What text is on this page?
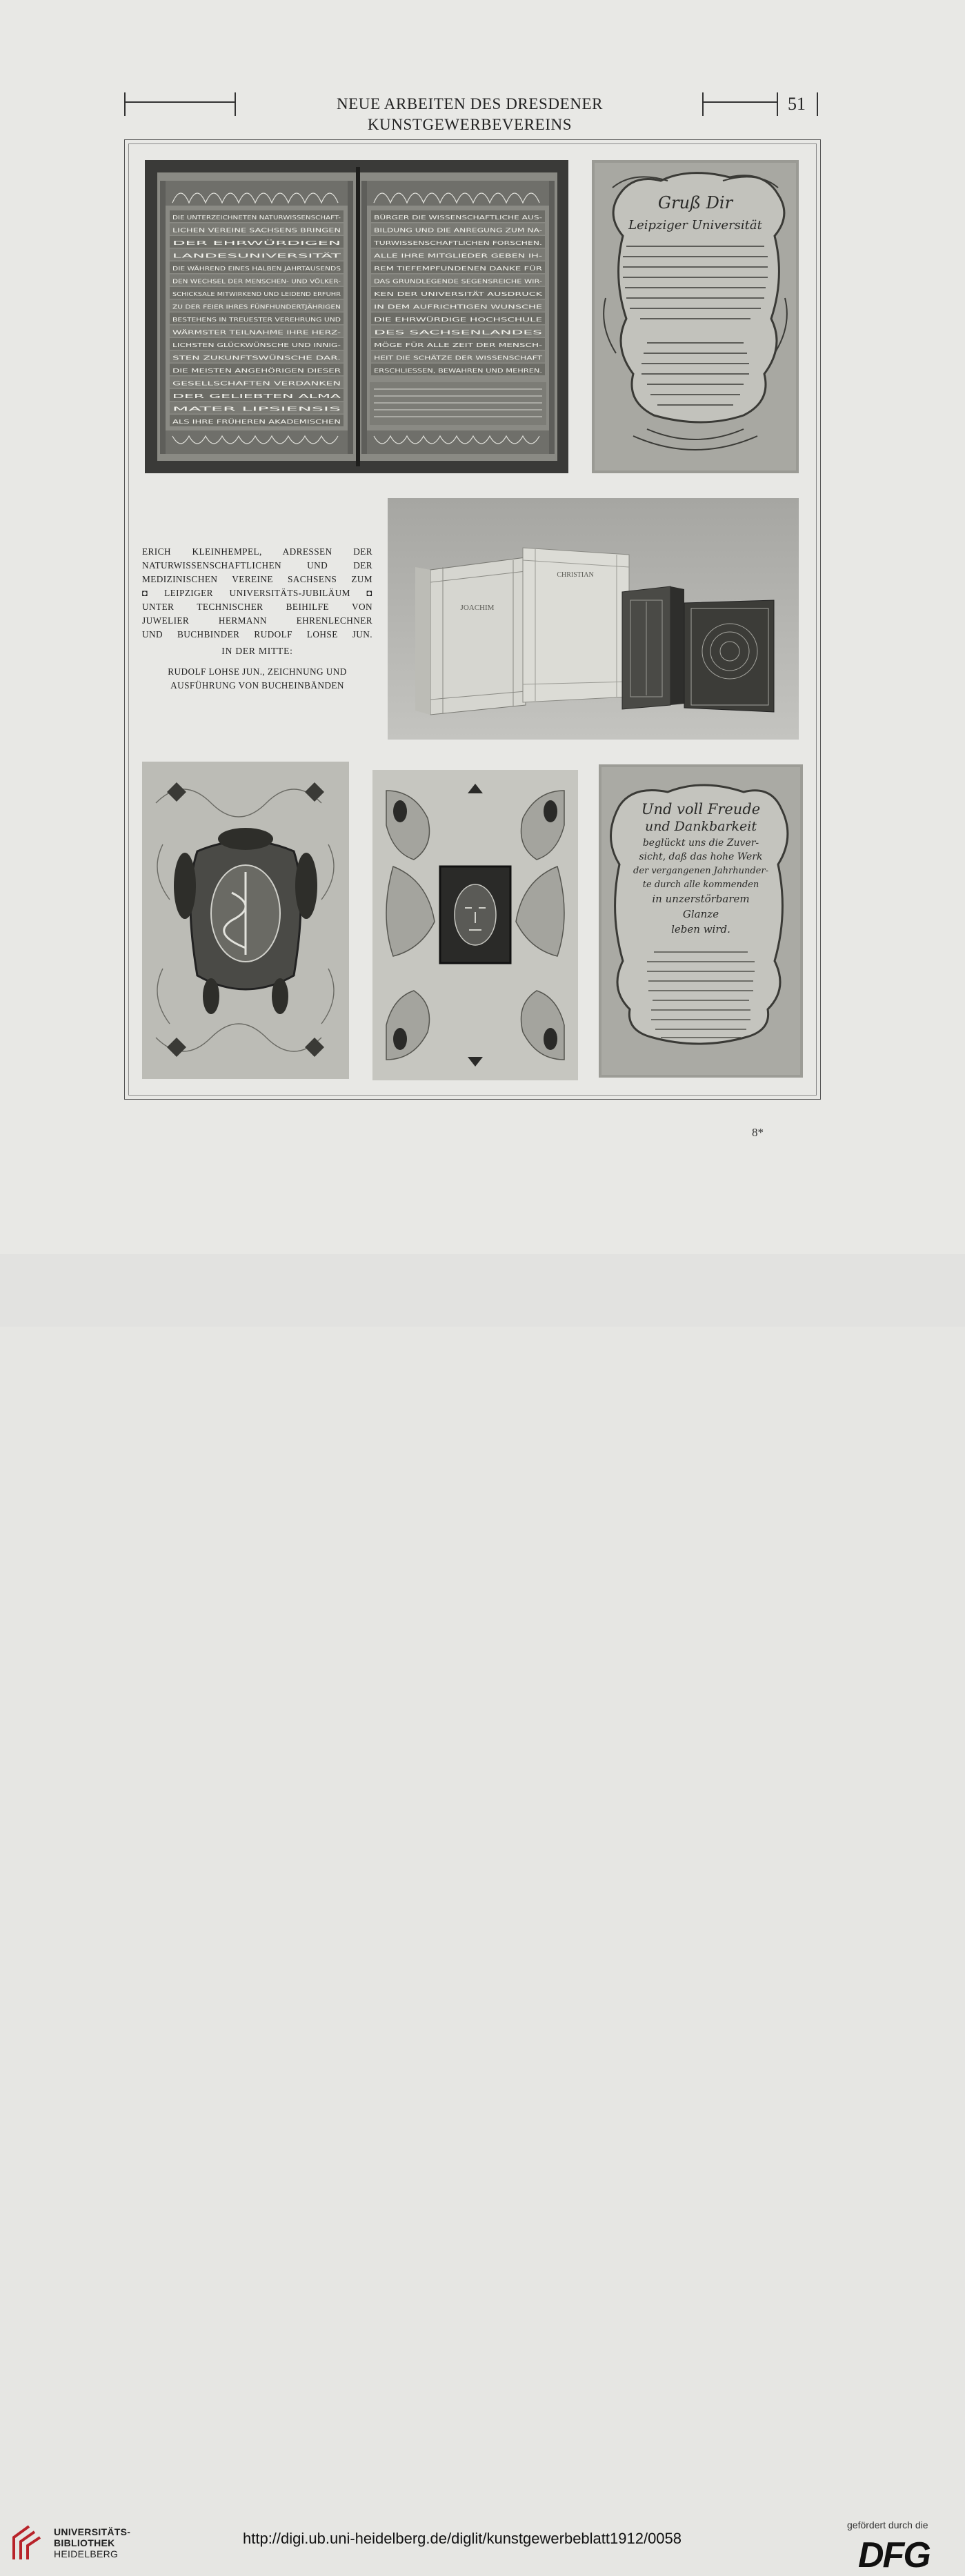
NEUE ARBEITEN DES DRESDENER KUNSTGEWERBEVEREINS
51
DIE UNTERZEICHNETEN NATURWISSENSCHAFT-
LICHEN VEREINE SACHSENS BRINGEN
DER EHRWÜRDIGEN
LANDESUNIVERSITÄT
DIE WÄHREND EINES HALBEN JAHRTAUSENDS
DEN WECHSEL DER MENSCHEN- UND VÖLKER-
SCHICKSALE MITWIRKEND UND LEIDEND ERFUHR
ZU DER FEIER IHRES FÜNFHUNDERTJÄHRIGEN
BESTEHENS IN TREUESTER VEREHRUNG UND
WÄRMSTER TEILNAHME IHRE HERZ-
LICHSTEN GLÜCKWÜNSCHE UND INNIG-
STEN ZUKUNFTSWÜNSCHE DAR.
DIE MEISTEN ANGEHÖRIGEN DIESER
GESELLSCHAFTEN VERDANKEN
DER GELIEBTEN ALMA
MATER LIPSIENSIS
ALS IHRE FRÜHEREN AKADEMISCHEN
BÜRGER DIE WISSENSCHAFTLICHE AUS-
BILDUNG UND DIE ANREGUNG ZUM NA-
TURWISSENSCHAFTLICHEN FORSCHEN.
ALLE IHRE MITGLIEDER GEBEN IH-
REM TIEFEMPFUNDENEN DANKE FÜR
DAS GRUNDLEGENDE SEGENSREICHE WIR-
KEN DER UNIVERSITÄT AUSDRUCK
IN DEM AUFRICHTIGEN WUNSCHE
DIE EHRWÜRDIGE HOCHSCHULE
DES SACHSENLANDES
MÖGE FÜR ALLE ZEIT DER MENSCH-
HEIT DIE SCHÄTZE DER WISSENSCHAFT
ERSCHLIESSEN, BEWAHREN UND MEHREN.
Gruß Dir
Leipziger Universität

ERICH KLEINHEMPEL, ADRESSEN DER

NATURWISSENSCHAFTLICHEN UND DER

MEDIZINISCHEN VEREINE SACHSENS ZUM

◘ LEIPZIGER UNIVERSITÄTS-JUBILÄUM ◘

UNTER TECHNISCHER BEIHILFE VON

JUWELIER HERMANN EHRENLECHNER

UND BUCHBINDER RUDOLF LOHSE JUN.

IN DER MITTE:
RUDOLF LOHSE JUN., ZEICHNUNG UND
AUSFÜHRUNG VON BUCHEINBÄNDEN
JOACHIM
CHRISTIAN
Und voll Freude
und Dankbarkeit
beglückt uns die Zuver-
sicht, daß das hohe Werk
der vergangenen Jahrhunder-
te durch alle kommenden
in unzerstörbarem
Glanze
leben wird.
8*
UNIVERSITÄTS-
BIBLIOTHEK
HEIDELBERG
http://digi.ub.uni-heidelberg.de/diglit/kunstgewerbeblatt1912/0058
gefördert durch die
DFG
